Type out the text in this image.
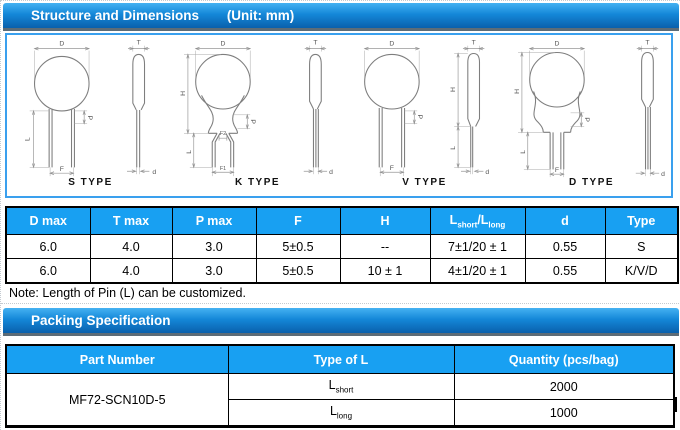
Structure and Dimensions (Unit: mm)
D
P
L
F
T
d
S TYPE
D
H
P
F2
L
F1
T
d
K TYPE
D
P
F
T
H
L
d
V TYPE
D
H
P
L
F
T
d
D TYPE
D max	T max	P max	F	H	$L_{short}/L_{long}$	d	Type
6.0	4.0	3.0	5±0.5	--	7±1/20 ± 1	0.55	S
6.0	4.0	3.0	5±0.5	10 ± 1	4±1/20 ± 1	0.55	K/V/D
Note: Length of Pin (L) can be customized.
Packing Specification
Part Number	Type of L	Quantity (pcs/bag)
MF72-SCN10D-5	$L_{short}$	2000
	$L_{long}$	1000
